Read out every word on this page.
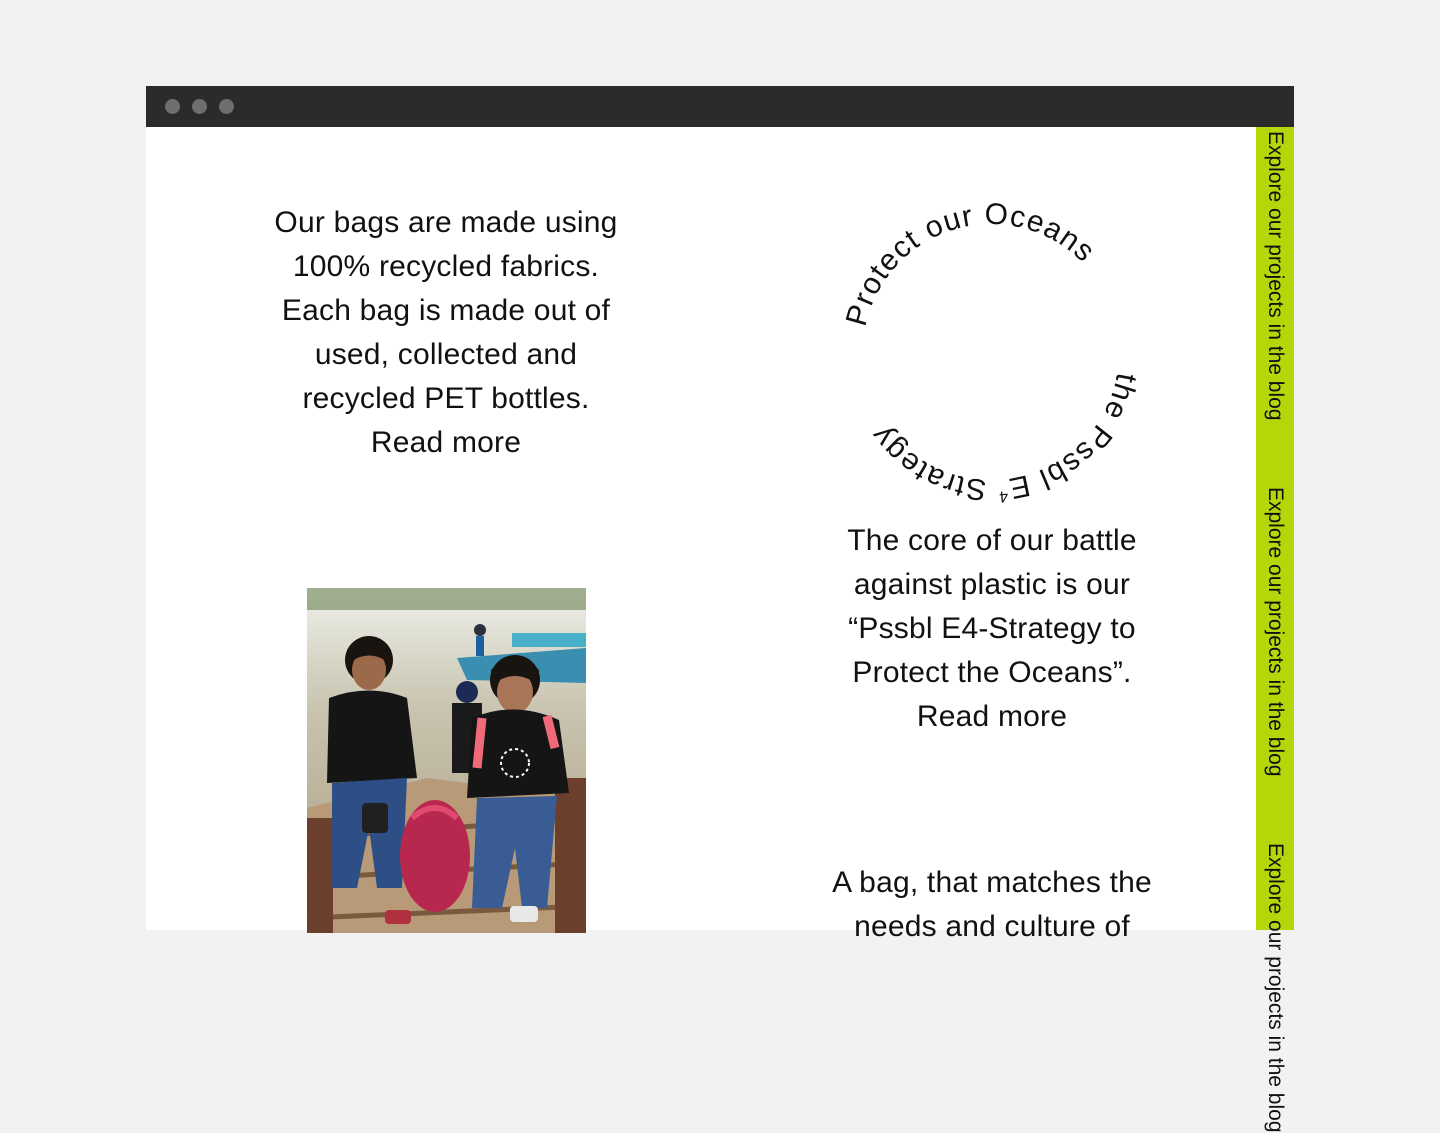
Our bags are made using
100% recycled fabrics.
Each bag is made out of
used, collected and
recycled PET bottles.
Read more
the Pssbl $E^4$ Strategy
Protect our Oceans
The core of our battle
against plastic is our
“Pssbl E4-Strategy to
Protect the Oceans”.
Read more
A bag, that matches the
needs and culture of
Explore our projects in the blog
Explore our projects in the blog
Explore our projects in the blog
